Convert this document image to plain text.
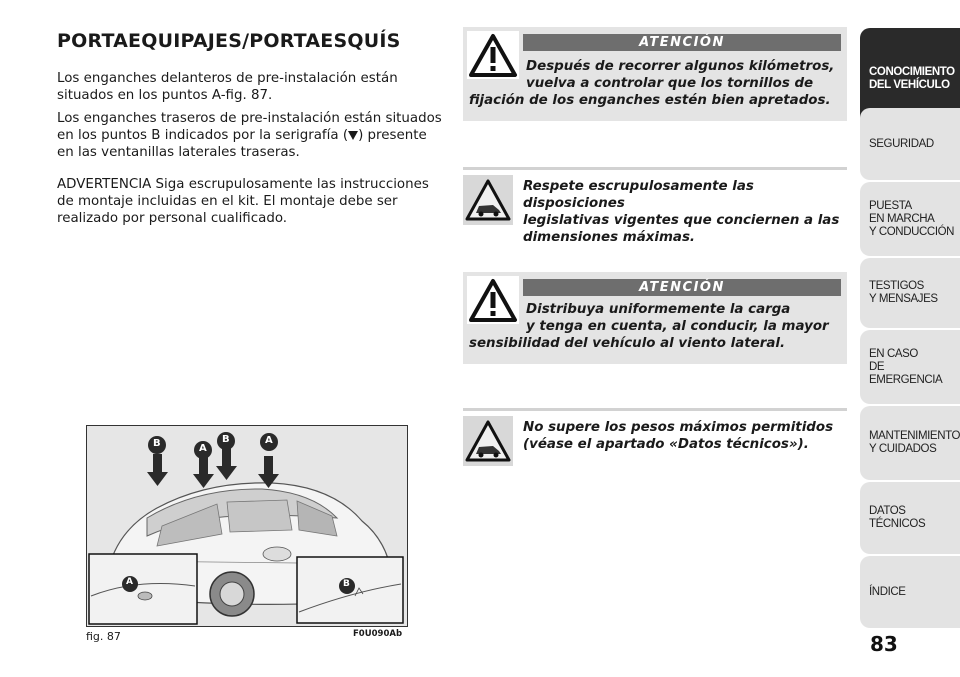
PORTAEQUIPAJES/PORTAESQUÍS
Los enganches delanteros de pre-instalación están
situados en los puntos A-fig. 87.
Los enganches traseros de pre-instalación están situados
en los puntos B indicados por la serigrafía ( ) presente
en las ventanillas laterales traseras.
ADVERTENCIA Siga escrupulosamente las instrucciones
de montaje incluidas en el kit. El montaje debe ser
realizado por personal cualificado.
B	A
B	A
A	B
fig. 87	F0U090Ab
ATENCIÓN
Después de recorrer algunos kilómetros,
vuelva a controlar que los tornillos de
fijación de los enganches estén bien apretados.
Respete escrupulosamente las disposiciones
legislativas vigentes que conciernen a las
dimensiones máximas.
ATENCIÓN
Distribuya uniformemente la carga
y tenga en cuenta, al conducir, la mayor
sensibilidad del vehículo al viento lateral.
No supere los pesos máximos permitidos
(véase el apartado «Datos técnicos»).
CONOCIMIENTO
DEL VEHÍCULO
SEGURIDAD
PUESTA
EN MARCHA
Y CONDUCCIÓN
TESTIGOS
Y MENSAJES
EN CASO
DE EMERGENCIA
MANTENIMIENTO
Y CUIDADOS
DATOS TÉCNICOS
ÍNDICE
83
